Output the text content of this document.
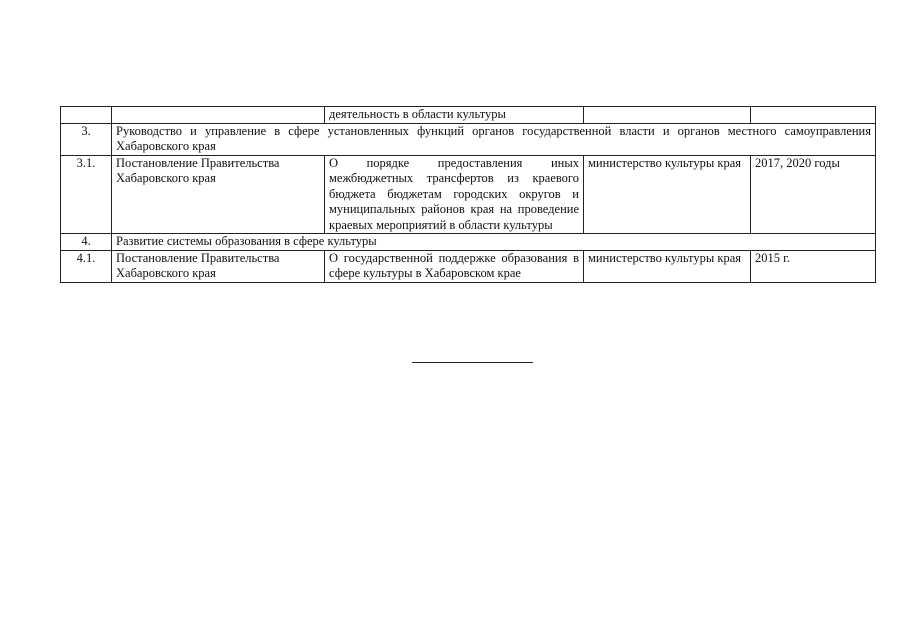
		деятельность в области культуры		
3.	Руководство и управление в сфере установленных функций органов государственной власти и органов местного самоуправления Хабаровского края			
3.1.	Постановление Правительства Хабаровского края	О порядке предоставления иных межбюджетных трансфертов из краевого бюджета бюджетам городских округов и муниципальных районов края на проведение краевых мероприятий в области культуры	министерство культуры края	2017, 2020 годы
4.	Развитие системы образования в сфере культуры			
4.1.	Постановление Правительства Хабаровского края	О государственной поддержке образования в сфере культуры в Хабаровском крае	министерство культуры края	2015 г.
